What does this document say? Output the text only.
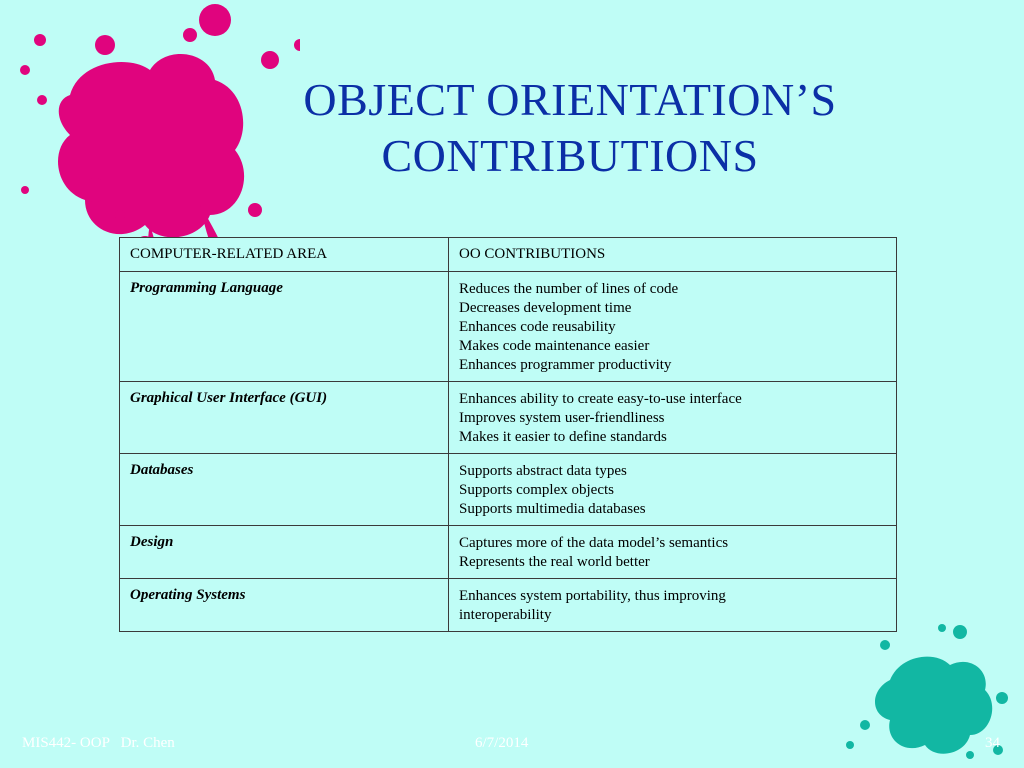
OBJECT ORIENTATION’S
CONTRIBUTIONS
COMPUTER-RELATED AREA	OO CONTRIBUTIONS
Programming Language	Reduces the number of lines of code
Decreases development time
Enhances code reusability
Makes code maintenance easier
Enhances programmer productivity

Graphical User Interface (GUI)	Enhances ability to create easy-to-use interface
Improves system user-friendliness
Makes it easier to define standards

Databases	Supports abstract data types
Supports complex objects
Supports multimedia databases

Design	Captures more of the data model’s semantics
Represents the real world better

Operating Systems	Enhances system portability, thus improving
interoperability
MIS442- OOP   Dr. Chen	6/7/2014	34
